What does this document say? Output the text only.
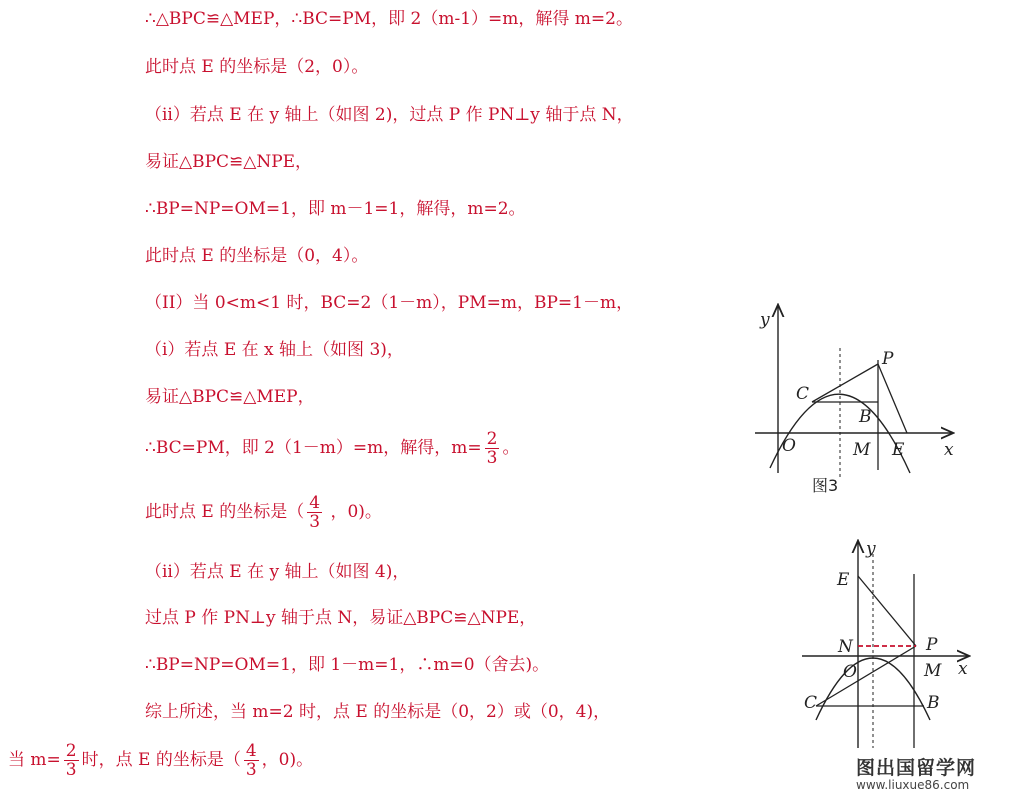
∴△BPC≌△MEP，∴BC=PM，即 2（m-1）=m，解得 m=2。
此时点 E 的坐标是（2，0）。
（ii）若点 E 在 y 轴上（如图 2)，过点 P 作 PN⊥y 轴于点 N，
易证△BPC≌△NPE，
∴BP=NP=OM=1，即 m－1=1，解得，m=2。
此时点 E 的坐标是（0，4）。
（II）当 0<m<1 时，BC=2（1－m），PM=m，BP=1－m，
（i）若点 E 在 x 轴上（如图 3)，
易证△BPC≌△MEP，
∴BC=PM，即 2（1－m）=m，解得，$m= \frac{2}{3}$ 。
此时点 E 的坐标是（ $\frac{4}{3}$ ，0)。
（ii）若点 E 在 y 轴上（如图 4)，
过点 P 作 PN⊥y 轴于点 N，易证△BPC≌△NPE，
∴BP=NP=OM=1，即 1－m=1，∴m=0（舍去)。
综上所述，当 m=2 时，点 E 的坐标是（0，2）或（0，4)，
当 $m= \frac{2}{3}$ 时，点 E 的坐标是（ $\frac{4}{3}$ ，0)。
y
x
O	M E
P
C
B
图3
y
x
E
N	P
O	M
C	B
图出国留学网
www.liuxue86.com
